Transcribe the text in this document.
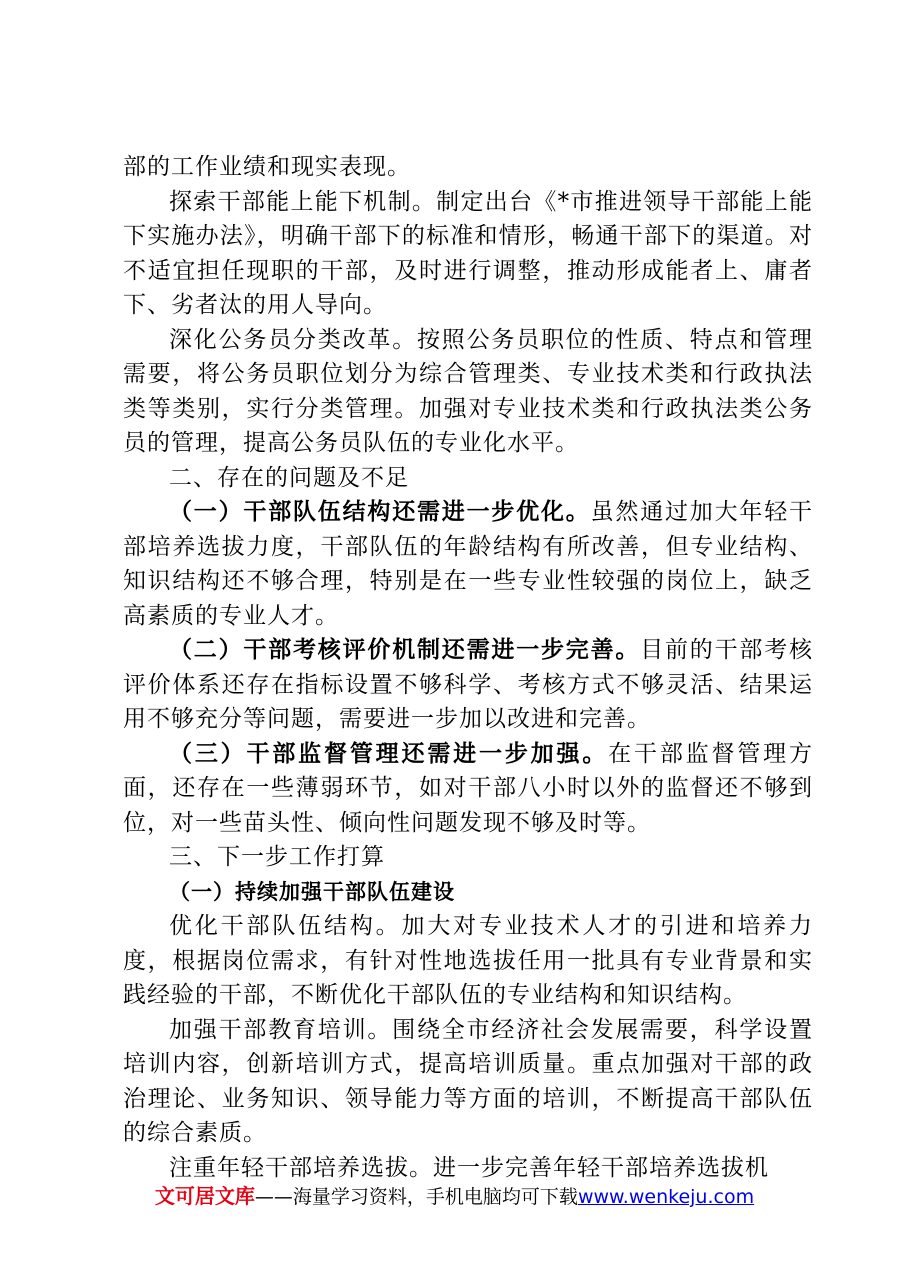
部的工作业绩和现实表现。

探索干部能上能下机制。制定出台《*市推进领导干部能上能下实施办法》，明确干部下的标准和情形，畅通干部下的渠道。对不适宜担任现职的干部，及时进行调整，推动形成能者上、庸者下、劣者汰的用人导向。

深化公务员分类改革。按照公务员职位的性质、特点和管理需要，将公务员职位划分为综合管理类、专业技术类和行政执法类等类别，实行分类管理。加强对专业技术类和行政执法类公务员的管理，提高公务员队伍的专业化水平。

二、存在的问题及不足

（一）干部队伍结构还需进一步优化。虽然通过加大年轻干部培养选拔力度，干部队伍的年龄结构有所改善，但专业结构、知识结构还不够合理，特别是在一些专业性较强的岗位上，缺乏高素质的专业人才。

（二）干部考核评价机制还需进一步完善。目前的干部考核评价体系还存在指标设置不够科学、考核方式不够灵活、结果运用不够充分等问题，需要进一步加以改进和完善。

（三）干部监督管理还需进一步加强。在干部监督管理方面，还存在一些薄弱环节，如对干部八小时以外的监督还不够到位，对一些苗头性、倾向性问题发现不够及时等。

三、下一步工作打算

（一）持续加强干部队伍建设

优化干部队伍结构。加大对专业技术人才的引进和培养力度，根据岗位需求，有针对性地选拔任用一批具有专业背景和实践经验的干部，不断优化干部队伍的专业结构和知识结构。

加强干部教育培训。围绕全市经济社会发展需要，科学设置培训内容，创新培训方式，提高培训质量。重点加强对干部的政治理论、业务知识、领导能力等方面的培训，不断提高干部队伍的综合素质。

注重年轻干部培养选拔。进一步完善年轻干部培养选拔机

文可居文库——海量学习资料，手机电脑均可下载www.wenkeju.com
